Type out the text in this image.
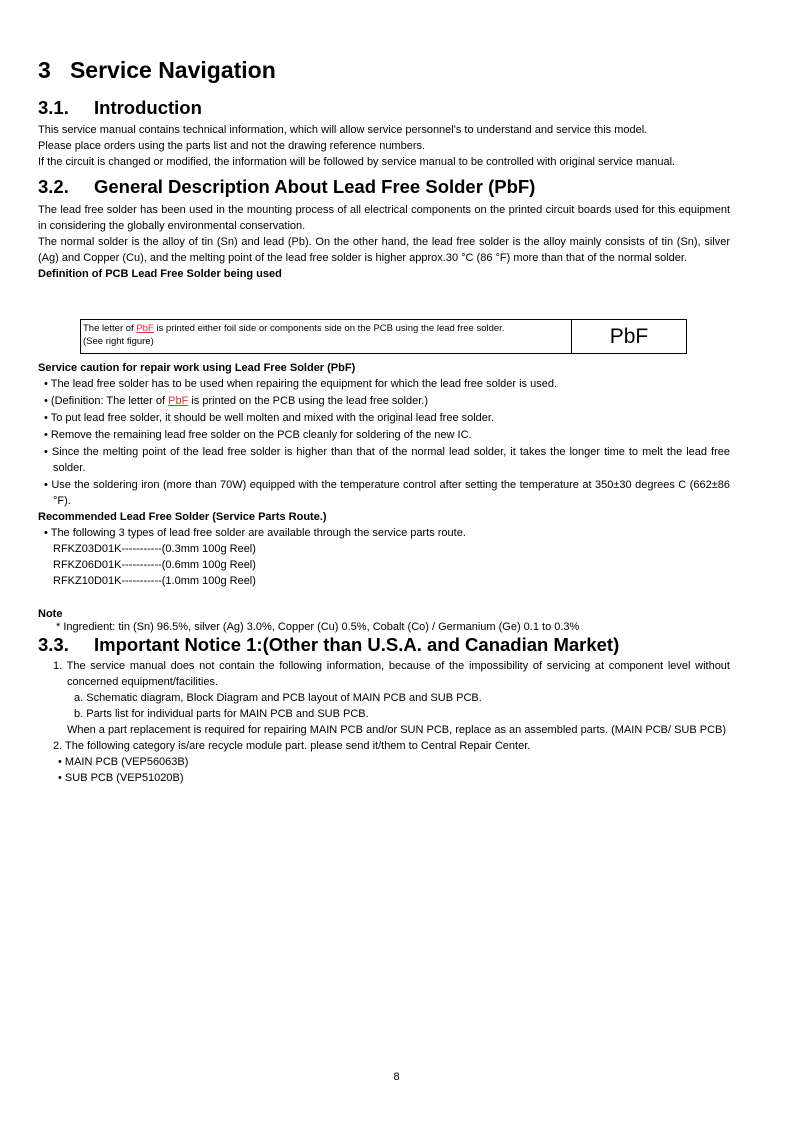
3   Service Navigation
3.1. Introduction
This service manual contains technical information, which will allow service personnel's to understand and service this model.
Please place orders using the parts list and not the drawing reference numbers.
If the circuit is changed or modified, the information will be followed by service manual to be controlled with original service manual.
3.2. General Description About Lead Free Solder (PbF)
The lead free solder has been used in the mounting process of all electrical components on the printed circuit boards used for this equipment in considering the globally environmental conservation.
The normal solder is the alloy of tin (Sn) and lead (Pb). On the other hand, the lead free solder is the alloy mainly consists of tin (Sn), silver (Ag) and Copper (Cu), and the melting point of the lead free solder is higher approx.30 °C (86 °F) more than that of the normal solder.
Definition of PCB Lead Free Solder being used
The letter of PbF is printed either foil side or components side on the PCB using the lead free solder.
(See right figure)	PbF
Service caution for repair work using Lead Free Solder (PbF)
• The lead free solder has to be used when repairing the equipment for which the lead free solder is used.
• (Definition: The letter of PbF is printed on the PCB using the lead free solder.)
• To put lead free solder, it should be well molten and mixed with the original lead free solder.
• Remove the remaining lead free solder on the PCB cleanly for soldering of the new IC.
• Since the melting point of the lead free solder is higher than that of the normal lead solder, it takes the longer time to melt the lead free solder.
• Use the soldering iron (more than 70W) equipped with the temperature control after setting the temperature at 350±30 degrees C (662±86 °F).
Recommended Lead Free Solder (Service Parts Route.)
• The following 3 types of lead free solder are available through the service parts route.
RFKZ03D01K-----------(0.3mm 100g Reel)
RFKZ06D01K-----------(0.6mm 100g Reel)
RFKZ10D01K-----------(1.0mm 100g Reel)
Note
* Ingredient: tin (Sn) 96.5%, silver (Ag) 3.0%, Copper (Cu) 0.5%, Cobalt (Co) / Germanium (Ge) 0.1 to 0.3%
3.3. Important Notice 1:(Other than U.S.A. and Canadian Market)
1. The service manual does not contain the following information, because of the impossibility of servicing at component level without concerned equipment/facilities.
a. Schematic diagram, Block Diagram and PCB layout of MAIN PCB and SUB PCB.
b. Parts list for individual parts for MAIN PCB and SUB PCB.
When a part replacement is required for repairing MAIN PCB and/or SUN PCB, replace as an assembled parts. (MAIN PCB/ SUB PCB)
2. The following category is/are recycle module part. please send it/them to Central Repair Center.
• MAIN PCB (VEP56063B)
• SUB PCB (VEP51020B)
8
